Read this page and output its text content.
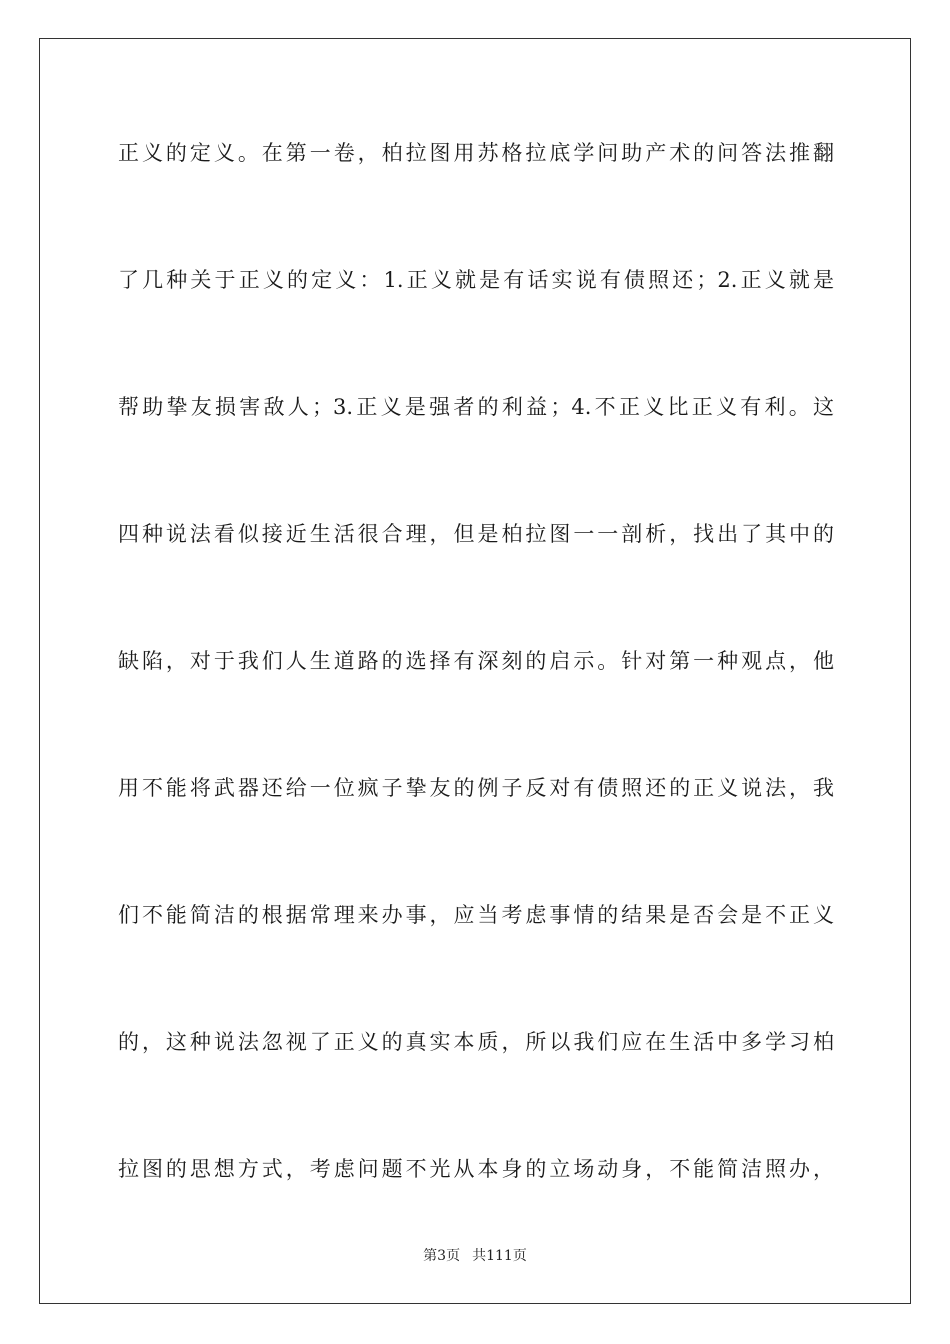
正义的定义。在第一卷，柏拉图用苏格拉底学问助产术的问答法推翻
了几种关于正义的定义：1.正义就是有话实说有债照还；2.正义就是
帮助挚友损害敌人；3.正义是强者的利益；4.不正义比正义有利。这
四种说法看似接近生活很合理，但是柏拉图一一剖析，找出了其中的
缺陷，对于我们人生道路的选择有深刻的启示。针对第一种观点，他
用不能将武器还给一位疯子挚友的例子反对有债照还的正义说法，我
们不能简洁的根据常理来办事，应当考虑事情的结果是否会是不正义
的，这种说法忽视了正义的真实本质，所以我们应在生活中多学习柏
拉图的思想方式，考虑问题不光从本身的立场动身，不能简洁照办，
第3页 共111页
